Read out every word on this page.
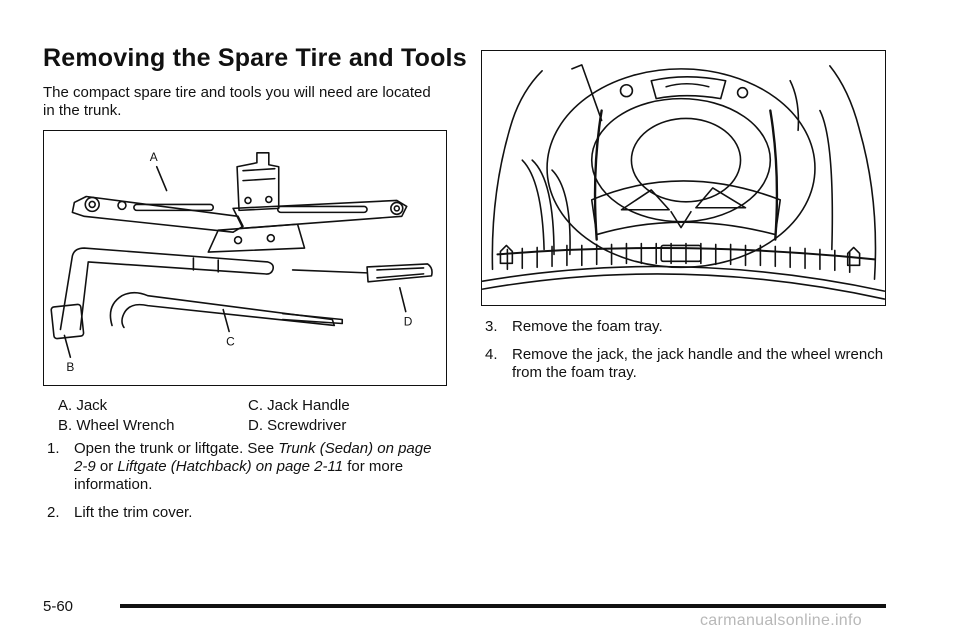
Removing the Spare Tire and Tools

The compact spare tire and tools you will need are located in the trunk.

A
B
C
D
A. Jack	C. Jack Handle
B. Wheel Wrench	D. Screwdriver
1. Open the trunk or liftgate. See Trunk (Sedan) on page 2-9 or Liftgate (Hatchback) on page 2-11 for more information.
2. Lift the trim cover.
3. Remove the foam tray.
4. Remove the jack, the jack handle and the wheel wrench from the foam tray.
5-60
carmanualsonline.info
